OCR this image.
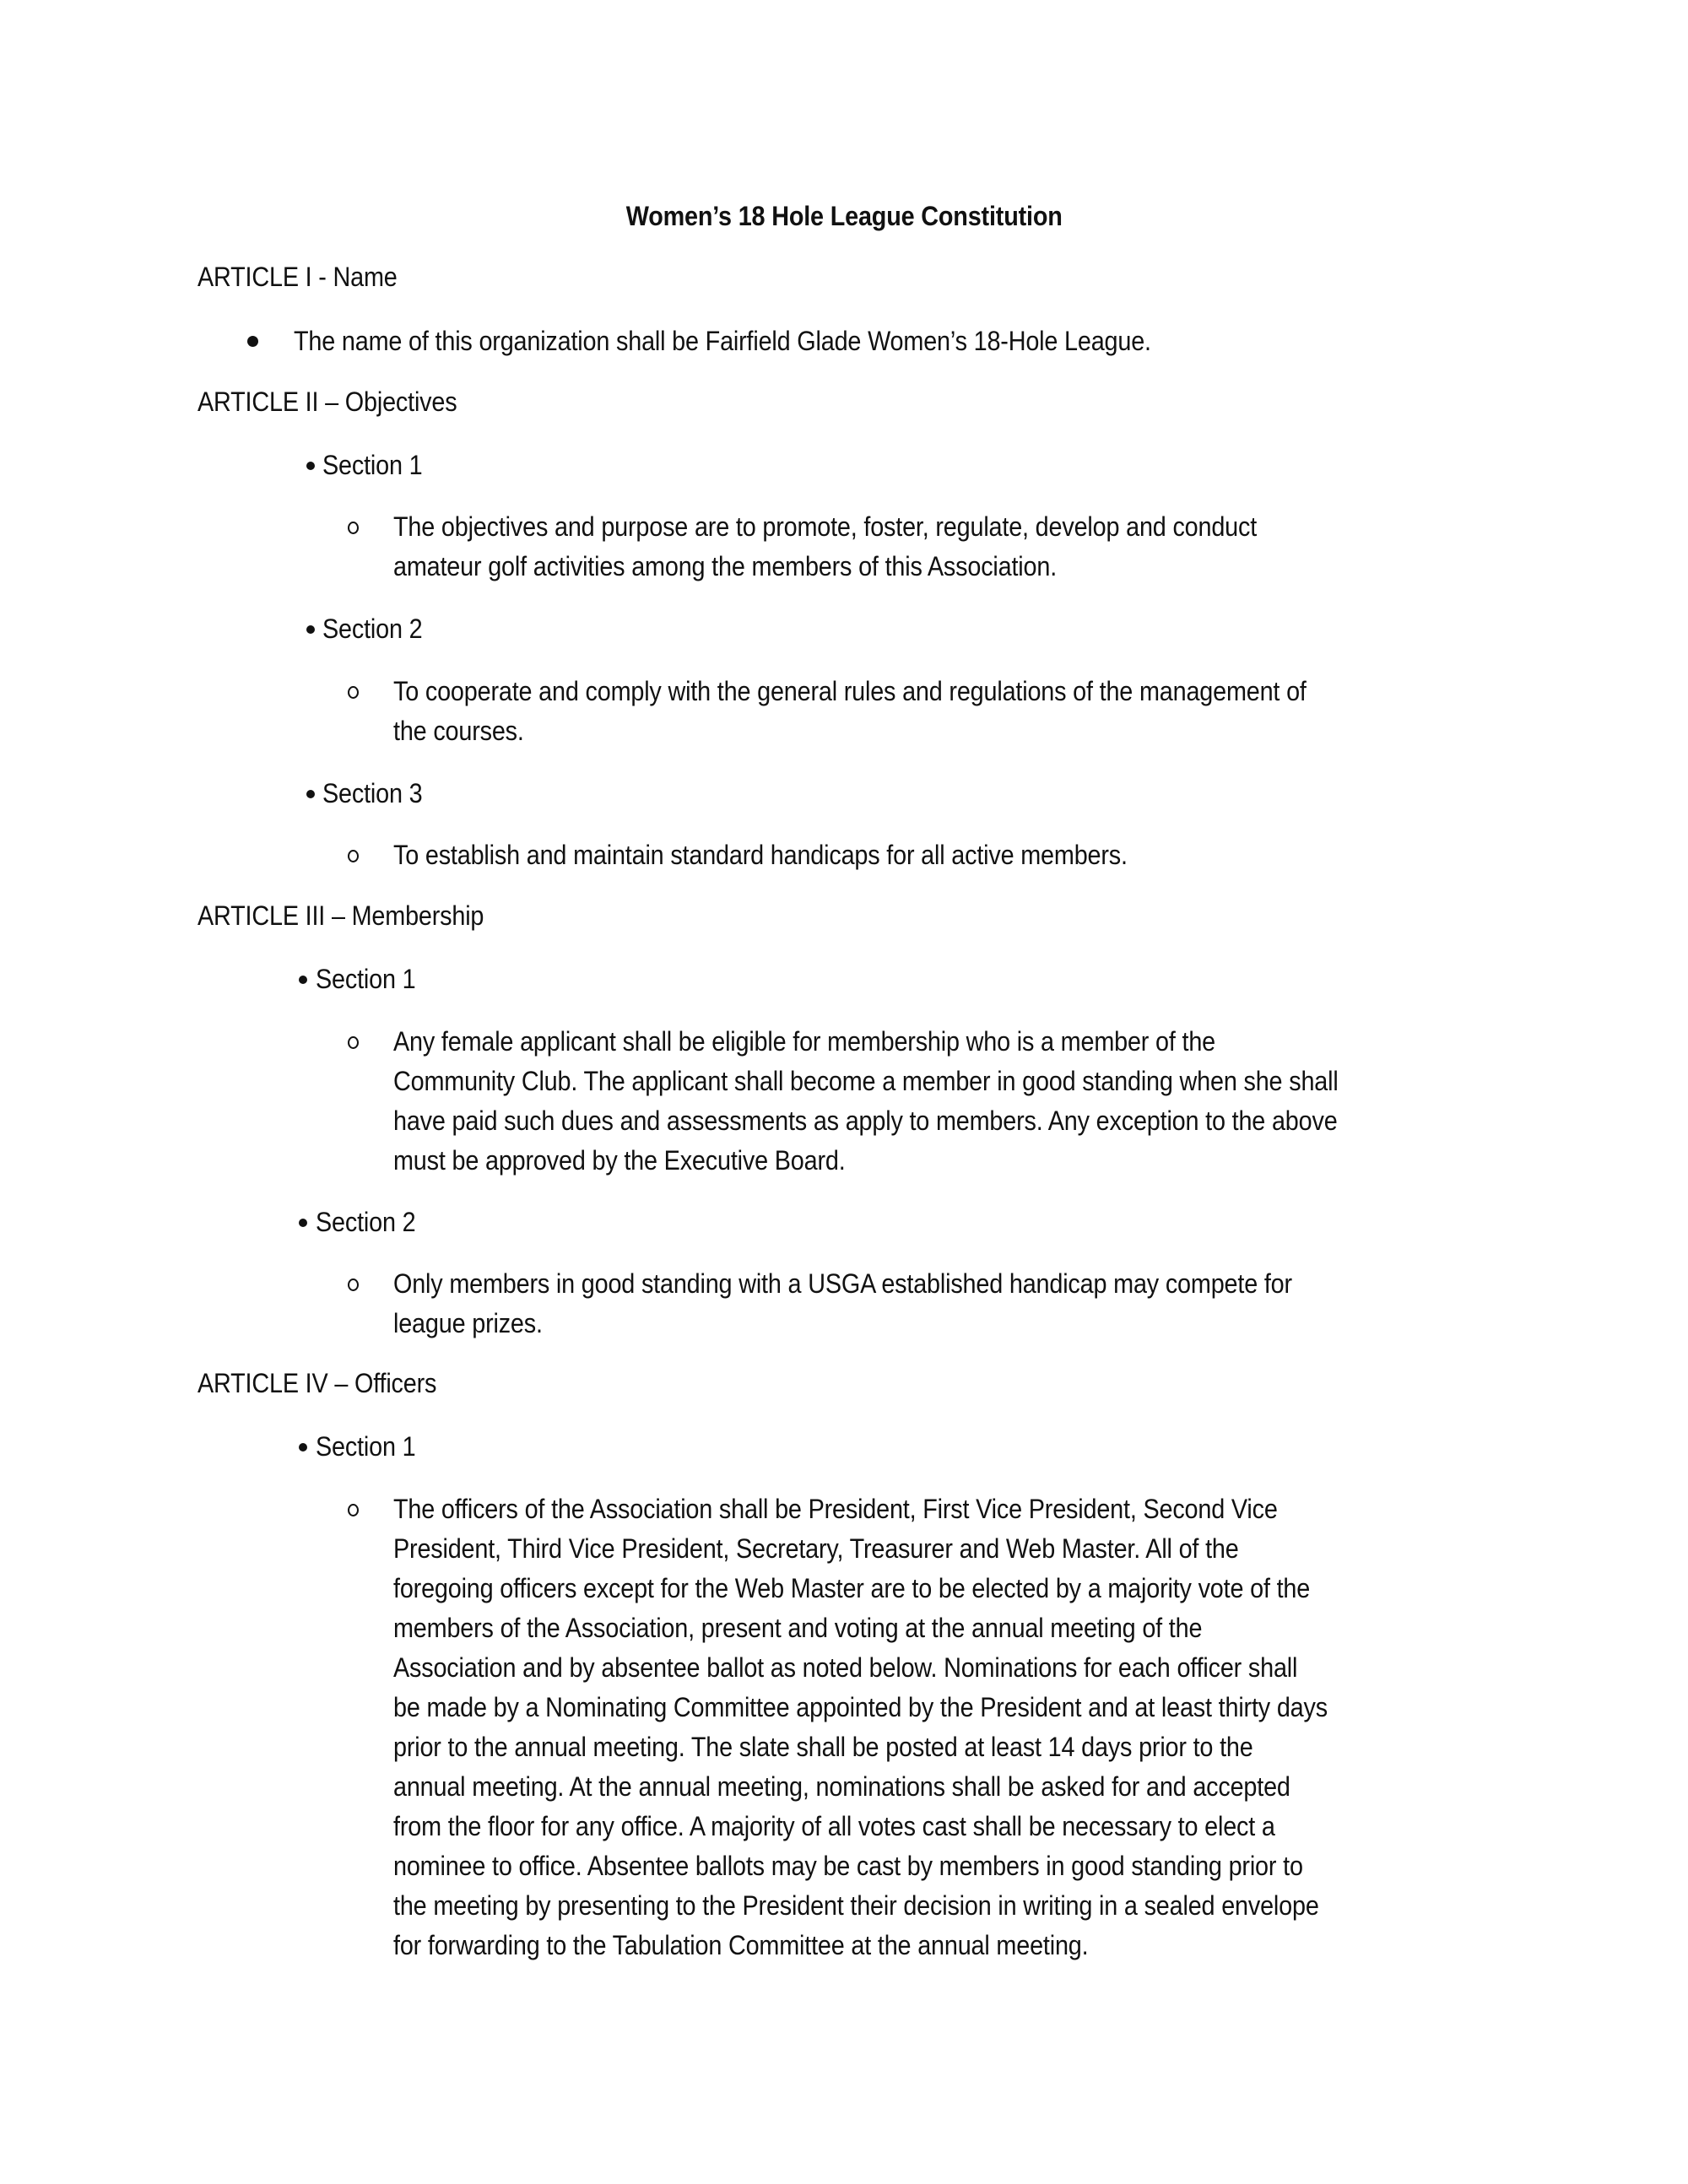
Women’s 18 Hole League Constitution
ARTICLE I - Name
The name of this organization shall be Fairfield Glade Women’s 18-Hole League.
ARTICLE II – Objectives
Section 1
The objectives and purpose are to promote, foster, regulate, develop and conduct
amateur golf activities among the members of this Association.
Section 2
To cooperate and comply with the general rules and regulations of the management of
the courses.
Section 3
To establish and maintain standard handicaps for all active members.
ARTICLE III – Membership
Section 1
Any female applicant shall be eligible for membership who is a member of the
Community Club. The applicant shall become a member in good standing when she shall
have paid such dues and assessments as apply to members. Any exception to the above
must be approved by the Executive Board.
Section 2
Only members in good standing with a USGA established handicap may compete for
league prizes.
ARTICLE IV – Officers
Section 1
The officers of the Association shall be President, First Vice President, Second Vice
President, Third Vice President, Secretary, Treasurer and Web Master. All of the
foregoing officers except for the Web Master are to be elected by a majority vote of the
members of the Association, present and voting at the annual meeting of the
Association and by absentee ballot as noted below. Nominations for each officer shall
be made by a Nominating Committee appointed by the President and at least thirty days
prior to the annual meeting. The slate shall be posted at least 14 days prior to the
annual meeting. At the annual meeting, nominations shall be asked for and accepted
from the floor for any office. A majority of all votes cast shall be necessary to elect a
nominee to office. Absentee ballots may be cast by members in good standing prior to
the meeting by presenting to the President their decision in writing in a sealed envelope
for forwarding to the Tabulation Committee at the annual meeting.
